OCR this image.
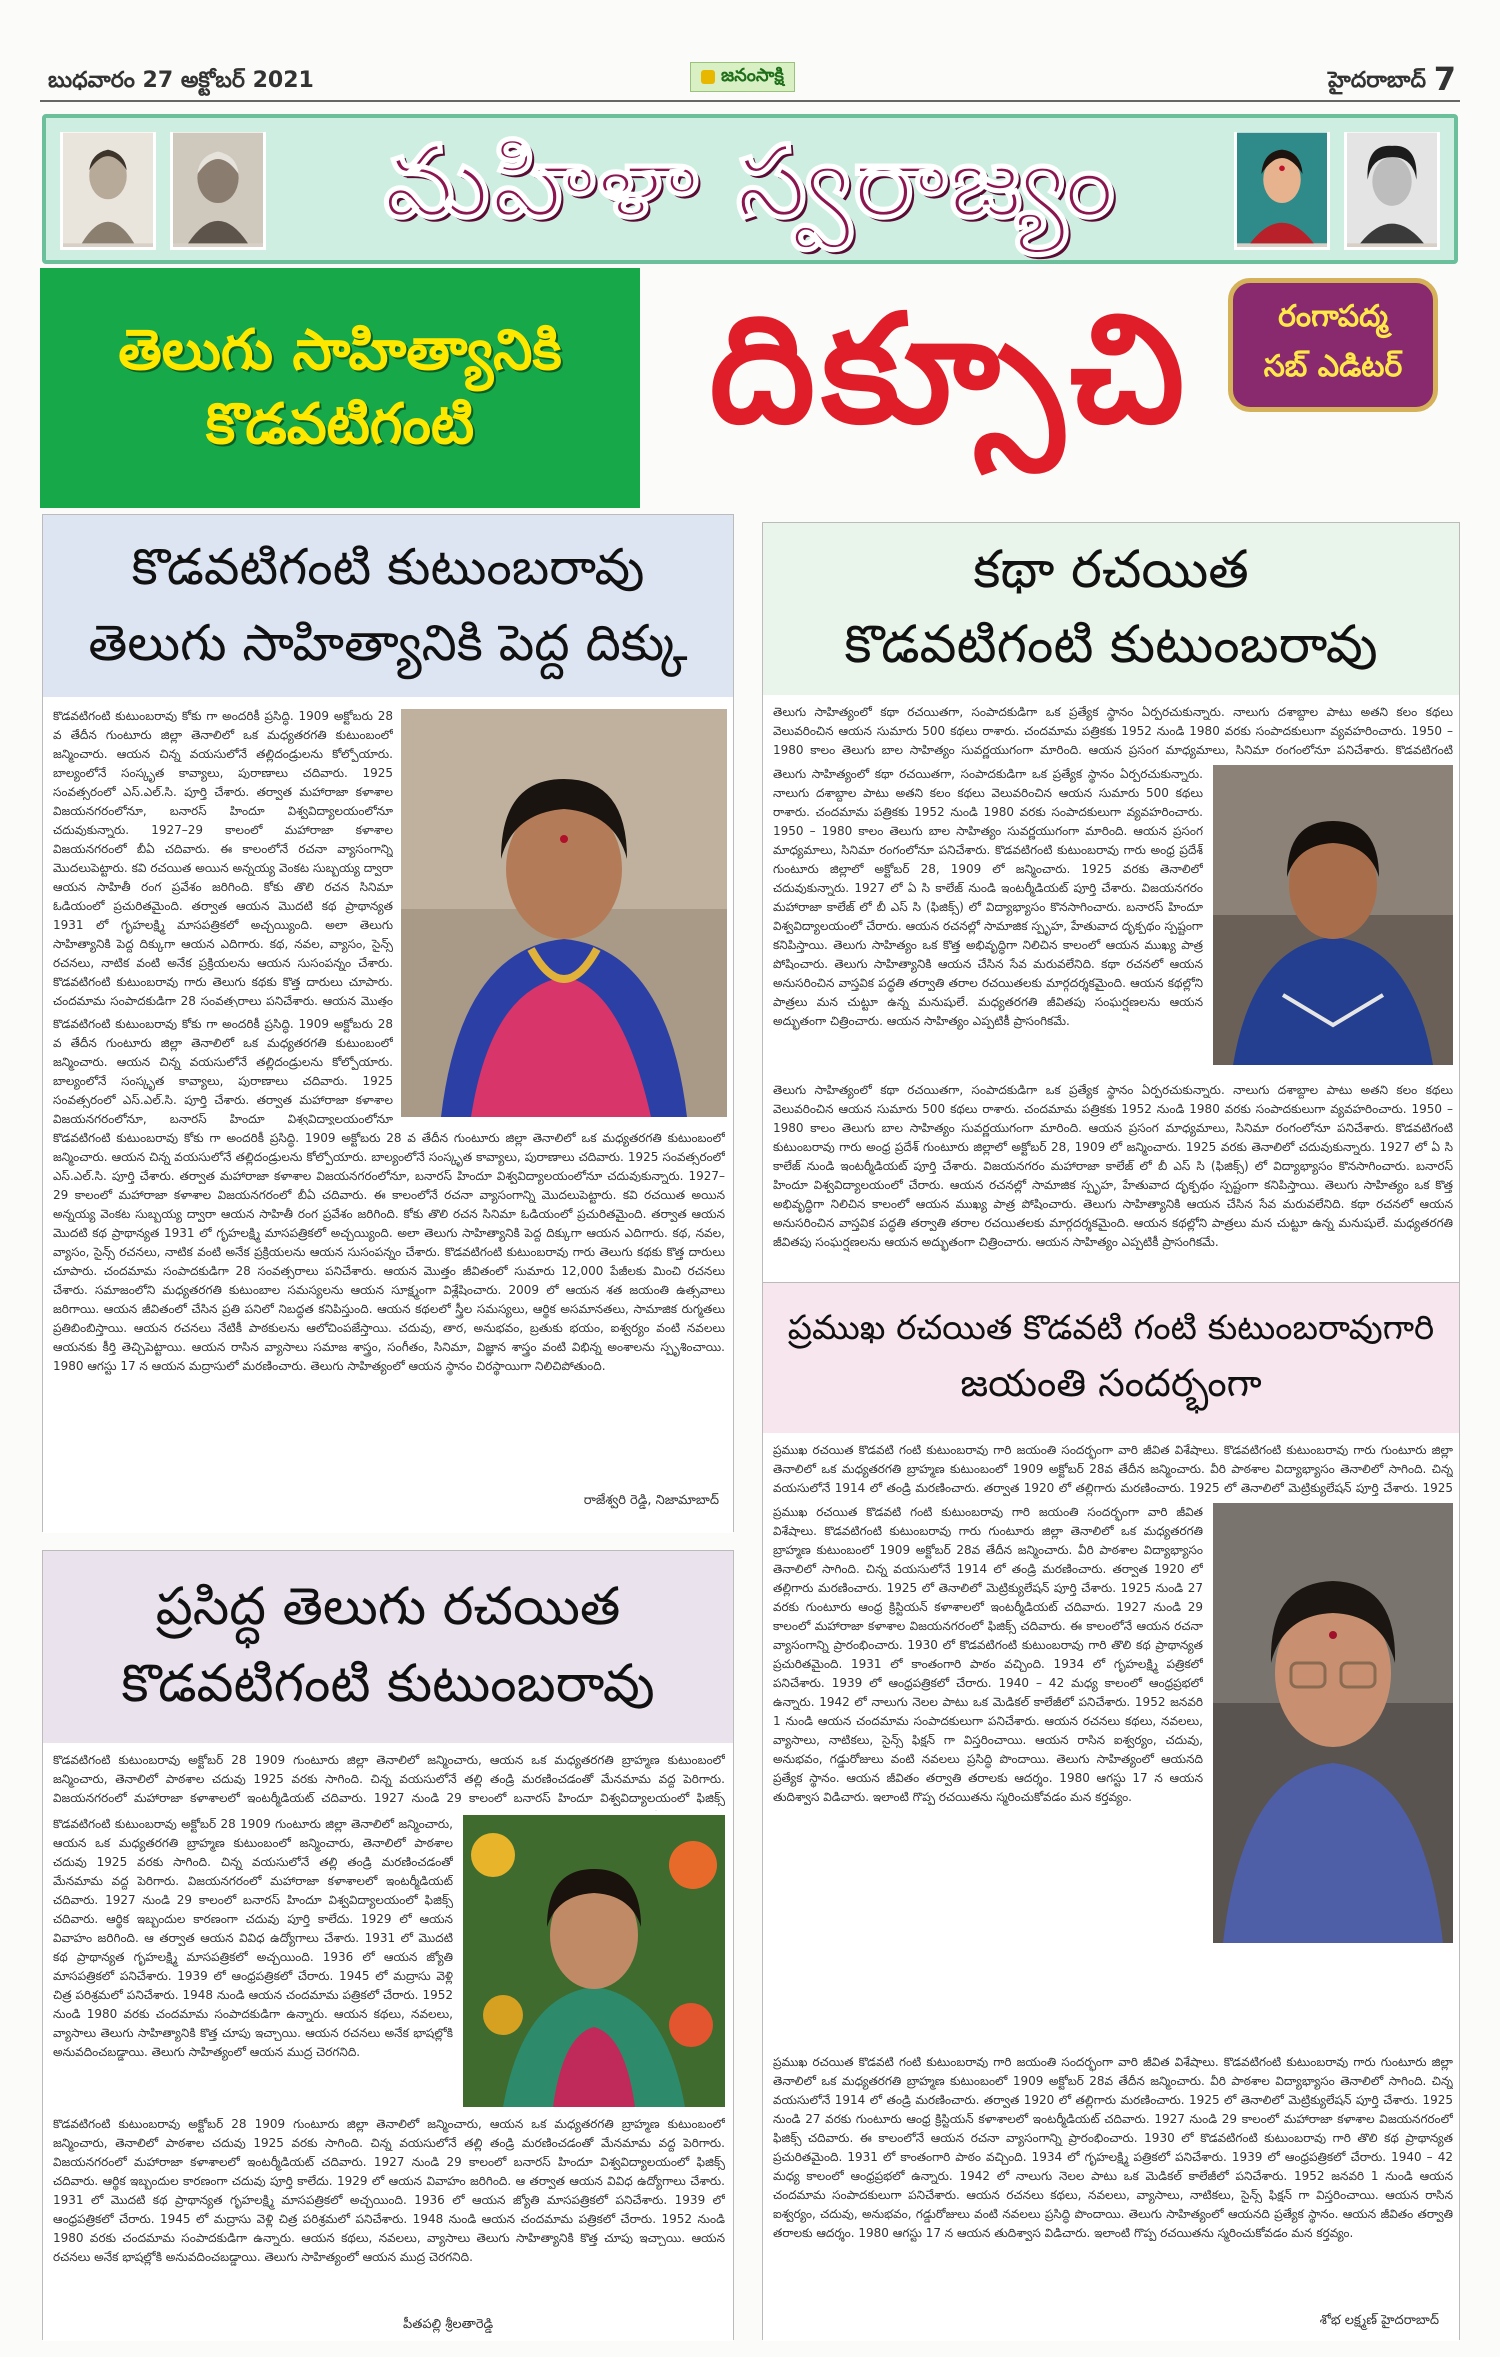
బుధవారం 27 అక్టోబర్ 2021	జనంసాక్షి	హైదరాబాద్ 7
మహిళా స్వరాజ్యం
తెలుగు సాహిత్యానికి
కొడవటిగంటి దిక్సూచి	రంగాపద్మ
సబ్ ఎడిటర్
కొడవటిగంటి కుటుంబరావు
తెలుగు సాహిత్యానికి పెద్ద దిక్కు
కొడవటిగంటి కుటుంబరావు కోకు గా అందరికీ ప్రసిద్ధి. 1909 అక్టోబరు 28 వ తేదీన గుంటూరు జిల్లా తెనాలిలో ఒక మధ్యతరగతి కుటుంబంలో జన్మించారు. ఆయన చిన్న వయసులోనే తల్లిదండ్రులను కోల్పోయారు. బాల్యంలోనే సంస్కృత కావ్యాలు, పురాణాలు చదివారు. 1925 సంవత్సరంలో ఎస్.ఎల్.సి. పూర్తి చేశారు. తర్వాత మహారాజా కళాశాల విజయనగరంలోనూ, బనారస్ హిందూ విశ్వవిద్యాలయంలోనూ చదువుకున్నారు. 1927–29 కాలంలో మహారాజా కళాశాల విజయనగరంలో బీఏ చదివారు. ఈ కాలంలోనే రచనా వ్యాసంగాన్ని మొదలుపెట్టారు. కవి రచయిత అయిన అన్నయ్య వెంకట సుబ్బయ్య ద్వారా ఆయన సాహితీ రంగ ప్రవేశం జరిగింది. కోకు తొలి రచన సినిమా ఓడియంలో ప్రచురితమైంది. తర్వాత ఆయన మొదటి కథ ప్రాథాన్యత 1931 లో గృహలక్ష్మి మాసపత్రికలో అచ్చయ్యింది. అలా తెలుగు సాహిత్యానికి పెద్ద దిక్కుగా ఆయన ఎదిగారు. కథ, నవల, వ్యాసం, సైన్స్ రచనలు, నాటిక వంటి అనేక ప్రక్రియలను ఆయన సుసంపన్నం చేశారు. కొడవటిగంటి కుటుంబరావు గారు తెలుగు కథకు కొత్త దారులు చూపారు. చందమామ సంపాదకుడిగా 28 సంవత్సరాలు పనిచేశారు. ఆయన మొత్తం
కొడవటిగంటి కుటుంబరావు కోకు గా అందరికీ ప్రసిద్ధి. 1909 అక్టోబరు 28 వ తేదీన గుంటూరు జిల్లా తెనాలిలో ఒక మధ్యతరగతి కుటుంబంలో జన్మించారు. ఆయన చిన్న వయసులోనే తల్లిదండ్రులను కోల్పోయారు. బాల్యంలోనే సంస్కృత కావ్యాలు, పురాణాలు చదివారు. 1925 సంవత్సరంలో ఎస్.ఎల్.సి. పూర్తి చేశారు. తర్వాత మహారాజా కళాశాల విజయనగరంలోనూ, బనారస్ హిందూ విశ్వవిద్యాలయంలోనూ
కొడవటిగంటి కుటుంబరావు కోకు గా అందరికీ ప్రసిద్ధి. 1909 అక్టోబరు 28 వ తేదీన గుంటూరు జిల్లా తెనాలిలో ఒక మధ్యతరగతి కుటుంబంలో జన్మించారు. ఆయన చిన్న వయసులోనే తల్లిదండ్రులను కోల్పోయారు. బాల్యంలోనే సంస్కృత కావ్యాలు, పురాణాలు చదివారు. 1925 సంవత్సరంలో ఎస్.ఎల్.సి. పూర్తి చేశారు. తర్వాత మహారాజా కళాశాల విజయనగరంలోనూ, బనారస్ హిందూ విశ్వవిద్యాలయంలోనూ చదువుకున్నారు. 1927–29 కాలంలో మహారాజా కళాశాల విజయనగరంలో బీఏ చదివారు. ఈ కాలంలోనే రచనా వ్యాసంగాన్ని మొదలుపెట్టారు. కవి రచయిత అయిన అన్నయ్య వెంకట సుబ్బయ్య ద్వారా ఆయన సాహితీ రంగ ప్రవేశం జరిగింది. కోకు తొలి రచన సినిమా ఓడియంలో ప్రచురితమైంది. తర్వాత ఆయన మొదటి కథ ప్రాథాన్యత 1931 లో గృహలక్ష్మి మాసపత్రికలో అచ్చయ్యింది. అలా తెలుగు సాహిత్యానికి పెద్ద దిక్కుగా ఆయన ఎదిగారు. కథ, నవల, వ్యాసం, సైన్స్ రచనలు, నాటిక వంటి అనేక ప్రక్రియలను ఆయన సుసంపన్నం చేశారు. కొడవటిగంటి కుటుంబరావు గారు తెలుగు కథకు కొత్త దారులు చూపారు. చందమామ సంపాదకుడిగా 28 సంవత్సరాలు పనిచేశారు. ఆయన మొత్తం జీవితంలో సుమారు 12,000 పేజీలకు మించి రచనలు చేశారు. సమాజంలోని మధ్యతరగతి కుటుంబాల సమస్యలను ఆయన సూక్ష్మంగా విశ్లేషించారు. 2009 లో ఆయన శత జయంతి ఉత్సవాలు జరిగాయి. ఆయన జీవితంలో చేసిన ప్రతి పనిలో నిబద్ధత కనిపిస్తుంది. ఆయన కథలలో స్త్రీల సమస్యలు, ఆర్థిక అసమానతలు, సామాజిక రుగ్మతలు ప్రతిబింబిస్తాయి. ఆయన రచనలు నేటికీ పాఠకులను ఆలోచింపజేస్తాయి. చదువు, తార, అనుభవం, బ్రతుకు భయం, ఐశ్వర్యం వంటి నవలలు ఆయనకు కీర్తి తెచ్చిపెట్టాయి. ఆయన రాసిన వ్యాసాలు సమాజ శాస్త్రం, సంగీతం, సినిమా, విజ్ఞాన శాస్త్రం వంటి విభిన్న అంశాలను స్పృశించాయి. 1980 ఆగస్టు 17 న ఆయన మద్రాసులో మరణించారు. తెలుగు సాహిత్యంలో ఆయన స్థానం చిరస్థాయిగా నిలిచిపోతుంది.
రాజేశ్వరి రెడ్డి, నిజామాబాద్
కథా రచయిత
కొడవటిగంటి కుటుంబరావు
తెలుగు సాహిత్యంలో కథా రచయితగా, సంపాదకుడిగా ఒక ప్రత్యేక స్థానం ఏర్పరచుకున్నారు. నాలుగు దశాబ్దాల పాటు అతని కలం కథలు వెలువరించిన ఆయన సుమారు 500 కథలు రాశారు. చందమామ పత్రికకు 1952 నుండి 1980 వరకు సంపాదకులుగా వ్యవహరించారు. 1950 – 1980 కాలం తెలుగు బాల సాహిత్యం సువర్ణయుగంగా మారింది. ఆయన ప్రసంగ మాధ్యమాలు, సినిమా రంగంలోనూ పనిచేశారు. కొడవటిగంటి
తెలుగు సాహిత్యంలో కథా రచయితగా, సంపాదకుడిగా ఒక ప్రత్యేక స్థానం ఏర్పరచుకున్నారు. నాలుగు దశాబ్దాల పాటు అతని కలం కథలు వెలువరించిన ఆయన సుమారు 500 కథలు రాశారు. చందమామ పత్రికకు 1952 నుండి 1980 వరకు సంపాదకులుగా వ్యవహరించారు. 1950 – 1980 కాలం తెలుగు బాల సాహిత్యం సువర్ణయుగంగా మారింది. ఆయన ప్రసంగ మాధ్యమాలు, సినిమా రంగంలోనూ పనిచేశారు. కొడవటిగంటి కుటుంబరావు గారు అంధ్ర ప్రదేశ్ గుంటూరు జిల్లాలో అక్టోబర్ 28, 1909 లో జన్మించారు. 1925 వరకు తెనాలిలో చదువుకున్నారు. 1927 లో ఏ సి కాలేజ్ నుండి ఇంటర్మీడియట్ పూర్తి చేశారు. విజయనగరం మహారాజా కాలేజ్ లో బీ ఎస్ సి (ఫిజిక్స్) లో విద్యాభ్యాసం కొనసాగించారు. బనారస్ హిందూ విశ్వవిద్యాలయంలో చేరారు. ఆయన రచనల్లో సామాజిక స్పృహ, హేతువాద దృక్పథం స్పష్టంగా కనిపిస్తాయి. తెలుగు సాహిత్యం ఒక కొత్త అభివృద్ధిగా నిలిచిన కాలంలో ఆయన ముఖ్య పాత్ర పోషించారు. తెలుగు సాహిత్యానికి ఆయన చేసిన సేవ మరువలేనిది. కథా రచనలో ఆయన అనుసరించిన వాస్తవిక పద్ధతి తర్వాతి తరాల రచయితలకు మార్గదర్శకమైంది. ఆయన కథల్లోని పాత్రలు మన చుట్టూ ఉన్న మనుషులే. మధ్యతరగతి జీవితపు సంఘర్షణలను ఆయన అద్భుతంగా చిత్రించారు. ఆయన సాహిత్యం ఎప్పటికీ ప్రాసంగికమే.
తెలుగు సాహిత్యంలో కథా రచయితగా, సంపాదకుడిగా ఒక ప్రత్యేక స్థానం ఏర్పరచుకున్నారు. నాలుగు దశాబ్దాల పాటు అతని కలం కథలు వెలువరించిన ఆయన సుమారు 500 కథలు రాశారు. చందమామ పత్రికకు 1952 నుండి 1980 వరకు సంపాదకులుగా వ్యవహరించారు. 1950 – 1980 కాలం తెలుగు బాల సాహిత్యం సువర్ణయుగంగా మారింది. ఆయన ప్రసంగ మాధ్యమాలు, సినిమా రంగంలోనూ పనిచేశారు. కొడవటిగంటి కుటుంబరావు గారు అంధ్ర ప్రదేశ్ గుంటూరు జిల్లాలో అక్టోబర్ 28, 1909 లో జన్మించారు. 1925 వరకు తెనాలిలో చదువుకున్నారు. 1927 లో ఏ సి కాలేజ్ నుండి ఇంటర్మీడియట్ పూర్తి చేశారు. విజయనగరం మహారాజా కాలేజ్ లో బీ ఎస్ సి (ఫిజిక్స్) లో విద్యాభ్యాసం కొనసాగించారు. బనారస్ హిందూ విశ్వవిద్యాలయంలో చేరారు. ఆయన రచనల్లో సామాజిక స్పృహ, హేతువాద దృక్పథం స్పష్టంగా కనిపిస్తాయి. తెలుగు సాహిత్యం ఒక కొత్త అభివృద్ధిగా నిలిచిన కాలంలో ఆయన ముఖ్య పాత్ర పోషించారు. తెలుగు సాహిత్యానికి ఆయన చేసిన సేవ మరువలేనిది. కథా రచనలో ఆయన అనుసరించిన వాస్తవిక పద్ధతి తర్వాతి తరాల రచయితలకు మార్గదర్శకమైంది. ఆయన కథల్లోని పాత్రలు మన చుట్టూ ఉన్న మనుషులే. మధ్యతరగతి జీవితపు సంఘర్షణలను ఆయన అద్భుతంగా చిత్రించారు. ఆయన సాహిత్యం ఎప్పటికీ ప్రాసంగికమే.
ప్రసిద్ధ తెలుగు రచయిత
కొడవటిగంటి కుటుంబరావు
కొడవటిగంటి కుటుంబరావు అక్టోబర్ 28 1909 గుంటూరు జిల్లా తెనాలిలో జన్మించారు, ఆయన ఒక మధ్యతరగతి బ్రాహ్మణ కుటుంబంలో జన్మించారు, తెనాలిలో పాఠశాల చదువు 1925 వరకు సాగింది. చిన్న వయసులోనే తల్లి తండ్రి మరణించడంతో మేనమామ వద్ద పెరిగారు. విజయనగరంలో మహారాజా కళాశాలలో ఇంటర్మీడియట్ చదివారు. 1927 నుండి 29 కాలంలో బనారస్ హిందూ విశ్వవిద్యాలయంలో ఫిజిక్స్
కొడవటిగంటి కుటుంబరావు అక్టోబర్ 28 1909 గుంటూరు జిల్లా తెనాలిలో జన్మించారు, ఆయన ఒక మధ్యతరగతి బ్రాహ్మణ కుటుంబంలో జన్మించారు, తెనాలిలో పాఠశాల చదువు 1925 వరకు సాగింది. చిన్న వయసులోనే తల్లి తండ్రి మరణించడంతో మేనమామ వద్ద పెరిగారు. విజయనగరంలో మహారాజా కళాశాలలో ఇంటర్మీడియట్ చదివారు. 1927 నుండి 29 కాలంలో బనారస్ హిందూ విశ్వవిద్యాలయంలో ఫిజిక్స్ చదివారు. ఆర్థిక ఇబ్బందుల కారణంగా చదువు పూర్తి కాలేదు. 1929 లో ఆయన వివాహం జరిగింది. ఆ తర్వాత ఆయన వివిధ ఉద్యోగాలు చేశారు. 1931 లో మొదటి కథ ప్రాథాన్యత గృహలక్ష్మి మాసపత్రికలో అచ్చయింది. 1936 లో ఆయన జ్యోతి మాసపత్రికలో పనిచేశారు. 1939 లో ఆంధ్రపత్రికలో చేరారు. 1945 లో మద్రాసు వెళ్లి చిత్ర పరిశ్రమలో పనిచేశారు. 1948 నుండి ఆయన చందమామ పత్రికలో చేరారు. 1952 నుండి 1980 వరకు చందమామ సంపాదకుడిగా ఉన్నారు. ఆయన కథలు, నవలలు, వ్యాసాలు తెలుగు సాహిత్యానికి కొత్త చూపు ఇచ్చాయి. ఆయన రచనలు అనేక భాషల్లోకి అనువదించబడ్డాయి. తెలుగు సాహిత్యంలో ఆయన ముద్ర చెరగనిది.
కొడవటిగంటి కుటుంబరావు అక్టోబర్ 28 1909 గుంటూరు జిల్లా తెనాలిలో జన్మించారు, ఆయన ఒక మధ్యతరగతి బ్రాహ్మణ కుటుంబంలో జన్మించారు, తెనాలిలో పాఠశాల చదువు 1925 వరకు సాగింది. చిన్న వయసులోనే తల్లి తండ్రి మరణించడంతో మేనమామ వద్ద పెరిగారు. విజయనగరంలో మహారాజా కళాశాలలో ఇంటర్మీడియట్ చదివారు. 1927 నుండి 29 కాలంలో బనారస్ హిందూ విశ్వవిద్యాలయంలో ఫిజిక్స్ చదివారు. ఆర్థిక ఇబ్బందుల కారణంగా చదువు పూర్తి కాలేదు. 1929 లో ఆయన వివాహం జరిగింది. ఆ తర్వాత ఆయన వివిధ ఉద్యోగాలు చేశారు. 1931 లో మొదటి కథ ప్రాథాన్యత గృహలక్ష్మి మాసపత్రికలో అచ్చయింది. 1936 లో ఆయన జ్యోతి మాసపత్రికలో పనిచేశారు. 1939 లో ఆంధ్రపత్రికలో చేరారు. 1945 లో మద్రాసు వెళ్లి చిత్ర పరిశ్రమలో పనిచేశారు. 1948 నుండి ఆయన చందమామ పత్రికలో చేరారు. 1952 నుండి 1980 వరకు చందమామ సంపాదకుడిగా ఉన్నారు. ఆయన కథలు, నవలలు, వ్యాసాలు తెలుగు సాహిత్యానికి కొత్త చూపు ఇచ్చాయి. ఆయన రచనలు అనేక భాషల్లోకి అనువదించబడ్డాయి. తెలుగు సాహిత్యంలో ఆయన ముద్ర చెరగనిది.
పీతపల్లి శ్రీలతారెడ్డి
ప్రముఖ రచయిత కొడవటి గంటి కుటుంబరావుగారి
జయంతి సందర్భంగా
ప్రముఖ రచయిత కొడవటి గంటి కుటుంబరావు గారి జయంతి సందర్భంగా వారి జీవిత విశేషాలు. కొడవటిగంటి కుటుంబరావు గారు గుంటూరు జిల్లా తెనాలిలో ఒక మధ్యతరగతి బ్రాహ్మణ కుటుంబంలో 1909 అక్టోబర్ 28వ తేదీన జన్మించారు. వీరి పాఠశాల విద్యాభ్యాసం తెనాలిలో సాగింది. చిన్న వయసులోనే 1914 లో తండ్రి మరణించారు. తర్వాత 1920 లో తల్లిగారు మరణించారు. 1925 లో తెనాలిలో మెట్రిక్యులేషన్ పూర్తి చేశారు. 1925
ప్రముఖ రచయిత కొడవటి గంటి కుటుంబరావు గారి జయంతి సందర్భంగా వారి జీవిత విశేషాలు. కొడవటిగంటి కుటుంబరావు గారు గుంటూరు జిల్లా తెనాలిలో ఒక మధ్యతరగతి బ్రాహ్మణ కుటుంబంలో 1909 అక్టోబర్ 28వ తేదీన జన్మించారు. వీరి పాఠశాల విద్యాభ్యాసం తెనాలిలో సాగింది. చిన్న వయసులోనే 1914 లో తండ్రి మరణించారు. తర్వాత 1920 లో తల్లిగారు మరణించారు. 1925 లో తెనాలిలో మెట్రిక్యులేషన్ పూర్తి చేశారు. 1925 నుండి 27 వరకు గుంటూరు ఆంధ్ర క్రిస్టియన్ కళాశాలలో ఇంటర్మీడియట్ చదివారు. 1927 నుండి 29 కాలంలో మహారాజా కళాశాల విజయనగరంలో ఫిజిక్స్ చదివారు. ఈ కాలంలోనే ఆయన రచనా వ్యాసంగాన్ని ప్రారంభించారు. 1930 లో కొడవటిగంటి కుటుంబరావు గారి తొలి కథ ప్రాథాన్యత ప్రచురితమైంది. 1931 లో కాంతంగారి పాఠం వచ్చింది. 1934 లో గృహలక్ష్మి పత్రికలో పనిచేశారు. 1939 లో ఆంధ్రపత్రికలో చేరారు. 1940 – 42 మధ్య కాలంలో ఆంధ్రప్రభలో ఉన్నారు. 1942 లో నాలుగు నెలల పాటు ఒక మెడికల్ కాలేజీలో పనిచేశారు. 1952 జనవరి 1 నుండి ఆయన చందమామ సంపాదకులుగా పనిచేశారు. ఆయన రచనలు కథలు, నవలలు, వ్యాసాలు, నాటికలు, సైన్స్ ఫిక్షన్ గా విస్తరించాయి. ఆయన రాసిన ఐశ్వర్యం, చదువు, అనుభవం, గడ్డురోజులు వంటి నవలలు ప్రసిద్ధి పొందాయి. తెలుగు సాహిత్యంలో ఆయనది ప్రత్యేక స్థానం. ఆయన జీవితం తర్వాతి తరాలకు ఆదర్శం. 1980 ఆగస్టు 17 న ఆయన తుదిశ్వాస విడిచారు. ఇలాంటి గొప్ప రచయితను స్మరించుకోవడం మన కర్తవ్యం.
ప్రముఖ రచయిత కొడవటి గంటి కుటుంబరావు గారి జయంతి సందర్భంగా వారి జీవిత విశేషాలు. కొడవటిగంటి కుటుంబరావు గారు గుంటూరు జిల్లా తెనాలిలో ఒక మధ్యతరగతి బ్రాహ్మణ కుటుంబంలో 1909 అక్టోబర్ 28వ తేదీన జన్మించారు. వీరి పాఠశాల విద్యాభ్యాసం తెనాలిలో సాగింది. చిన్న వయసులోనే 1914 లో తండ్రి మరణించారు. తర్వాత 1920 లో తల్లిగారు మరణించారు. 1925 లో తెనాలిలో మెట్రిక్యులేషన్ పూర్తి చేశారు. 1925 నుండి 27 వరకు గుంటూరు ఆంధ్ర క్రిస్టియన్ కళాశాలలో ఇంటర్మీడియట్ చదివారు. 1927 నుండి 29 కాలంలో మహారాజా కళాశాల విజయనగరంలో ఫిజిక్స్ చదివారు. ఈ కాలంలోనే ఆయన రచనా వ్యాసంగాన్ని ప్రారంభించారు. 1930 లో కొడవటిగంటి కుటుంబరావు గారి తొలి కథ ప్రాథాన్యత ప్రచురితమైంది. 1931 లో కాంతంగారి పాఠం వచ్చింది. 1934 లో గృహలక్ష్మి పత్రికలో పనిచేశారు. 1939 లో ఆంధ్రపత్రికలో చేరారు. 1940 – 42 మధ్య కాలంలో ఆంధ్రప్రభలో ఉన్నారు. 1942 లో నాలుగు నెలల పాటు ఒక మెడికల్ కాలేజీలో పనిచేశారు. 1952 జనవరి 1 నుండి ఆయన చందమామ సంపాదకులుగా పనిచేశారు. ఆయన రచనలు కథలు, నవలలు, వ్యాసాలు, నాటికలు, సైన్స్ ఫిక్షన్ గా విస్తరించాయి. ఆయన రాసిన ఐశ్వర్యం, చదువు, అనుభవం, గడ్డురోజులు వంటి నవలలు ప్రసిద్ధి పొందాయి. తెలుగు సాహిత్యంలో ఆయనది ప్రత్యేక స్థానం. ఆయన జీవితం తర్వాతి తరాలకు ఆదర్శం. 1980 ఆగస్టు 17 న ఆయన తుదిశ్వాస విడిచారు. ఇలాంటి గొప్ప రచయితను స్మరించుకోవడం మన కర్తవ్యం.
శోభ లక్ష్మణ్ హైదరాబాద్
